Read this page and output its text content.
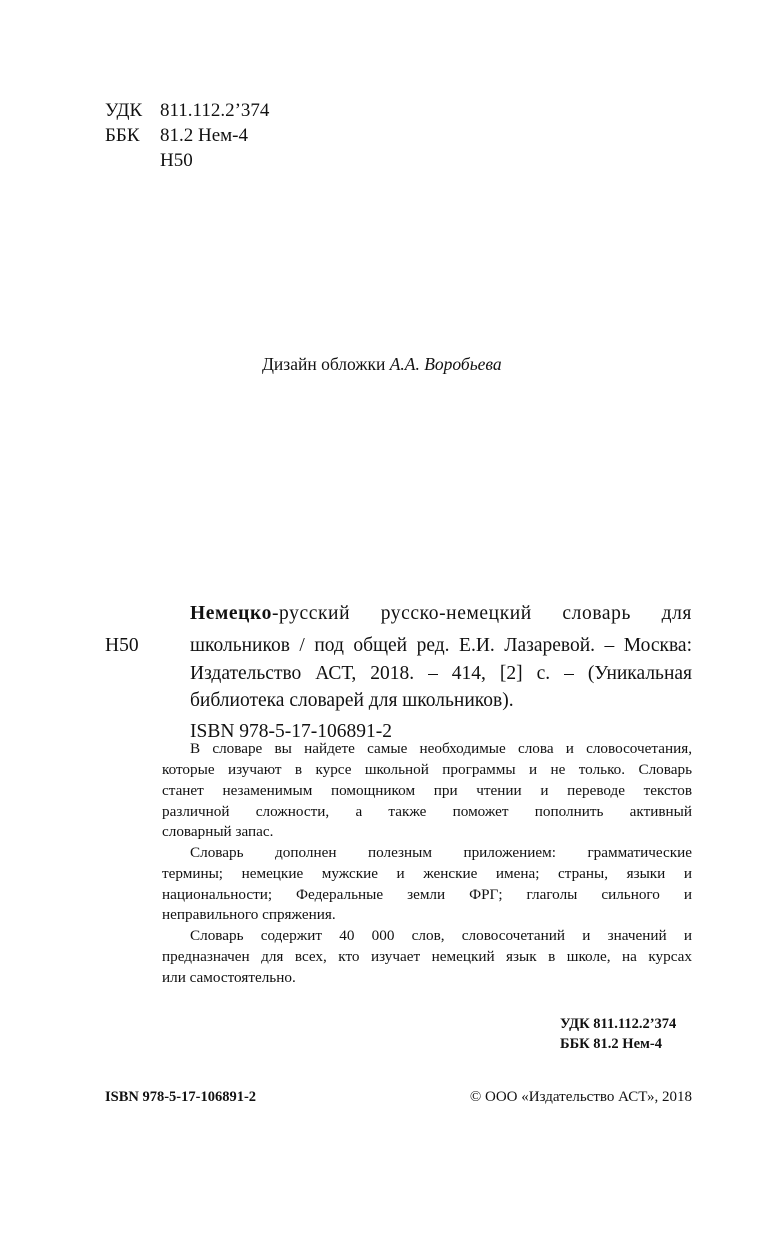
УДК 811.112.2’374
ББК 81.2 Нем-4
Н50
Дизайн обложки А.А. Воробьева
Н50
Немецко-русский русско-немецкий словарь для
школьников / под общей ред. Е.И. Лазаревой. – Москва:
Издательство АСТ, 2018. – 414, [2] с. – (Уникальная
библиотека словарей для школьников).
ISBN 978-5-17-106891-2
В словаре вы найдете самые необходимые слова и словосочетания,
которые изучают в курсе школьной программы и не только. Словарь
станет незаменимым помощником при чтении и переводе текстов
различной сложности, а также поможет пополнить активный
словарный запас.
Словарь дополнен полезным приложением: грамматические
термины; немецкие мужские и женские имена; страны, языки и
национальности; Федеральные земли ФРГ; глаголы сильного и
неправильного спряжения.
Словарь содержит 40 000 слов, словосочетаний и значений и
предназначен для всех, кто изучает немецкий язык в школе, на курсах
или самостоятельно.
УДК 811.112.2’374
ББК 81.2 Нем-4
ISBN 978-5-17-106891-2	© ООО «Издательство АСТ», 2018
